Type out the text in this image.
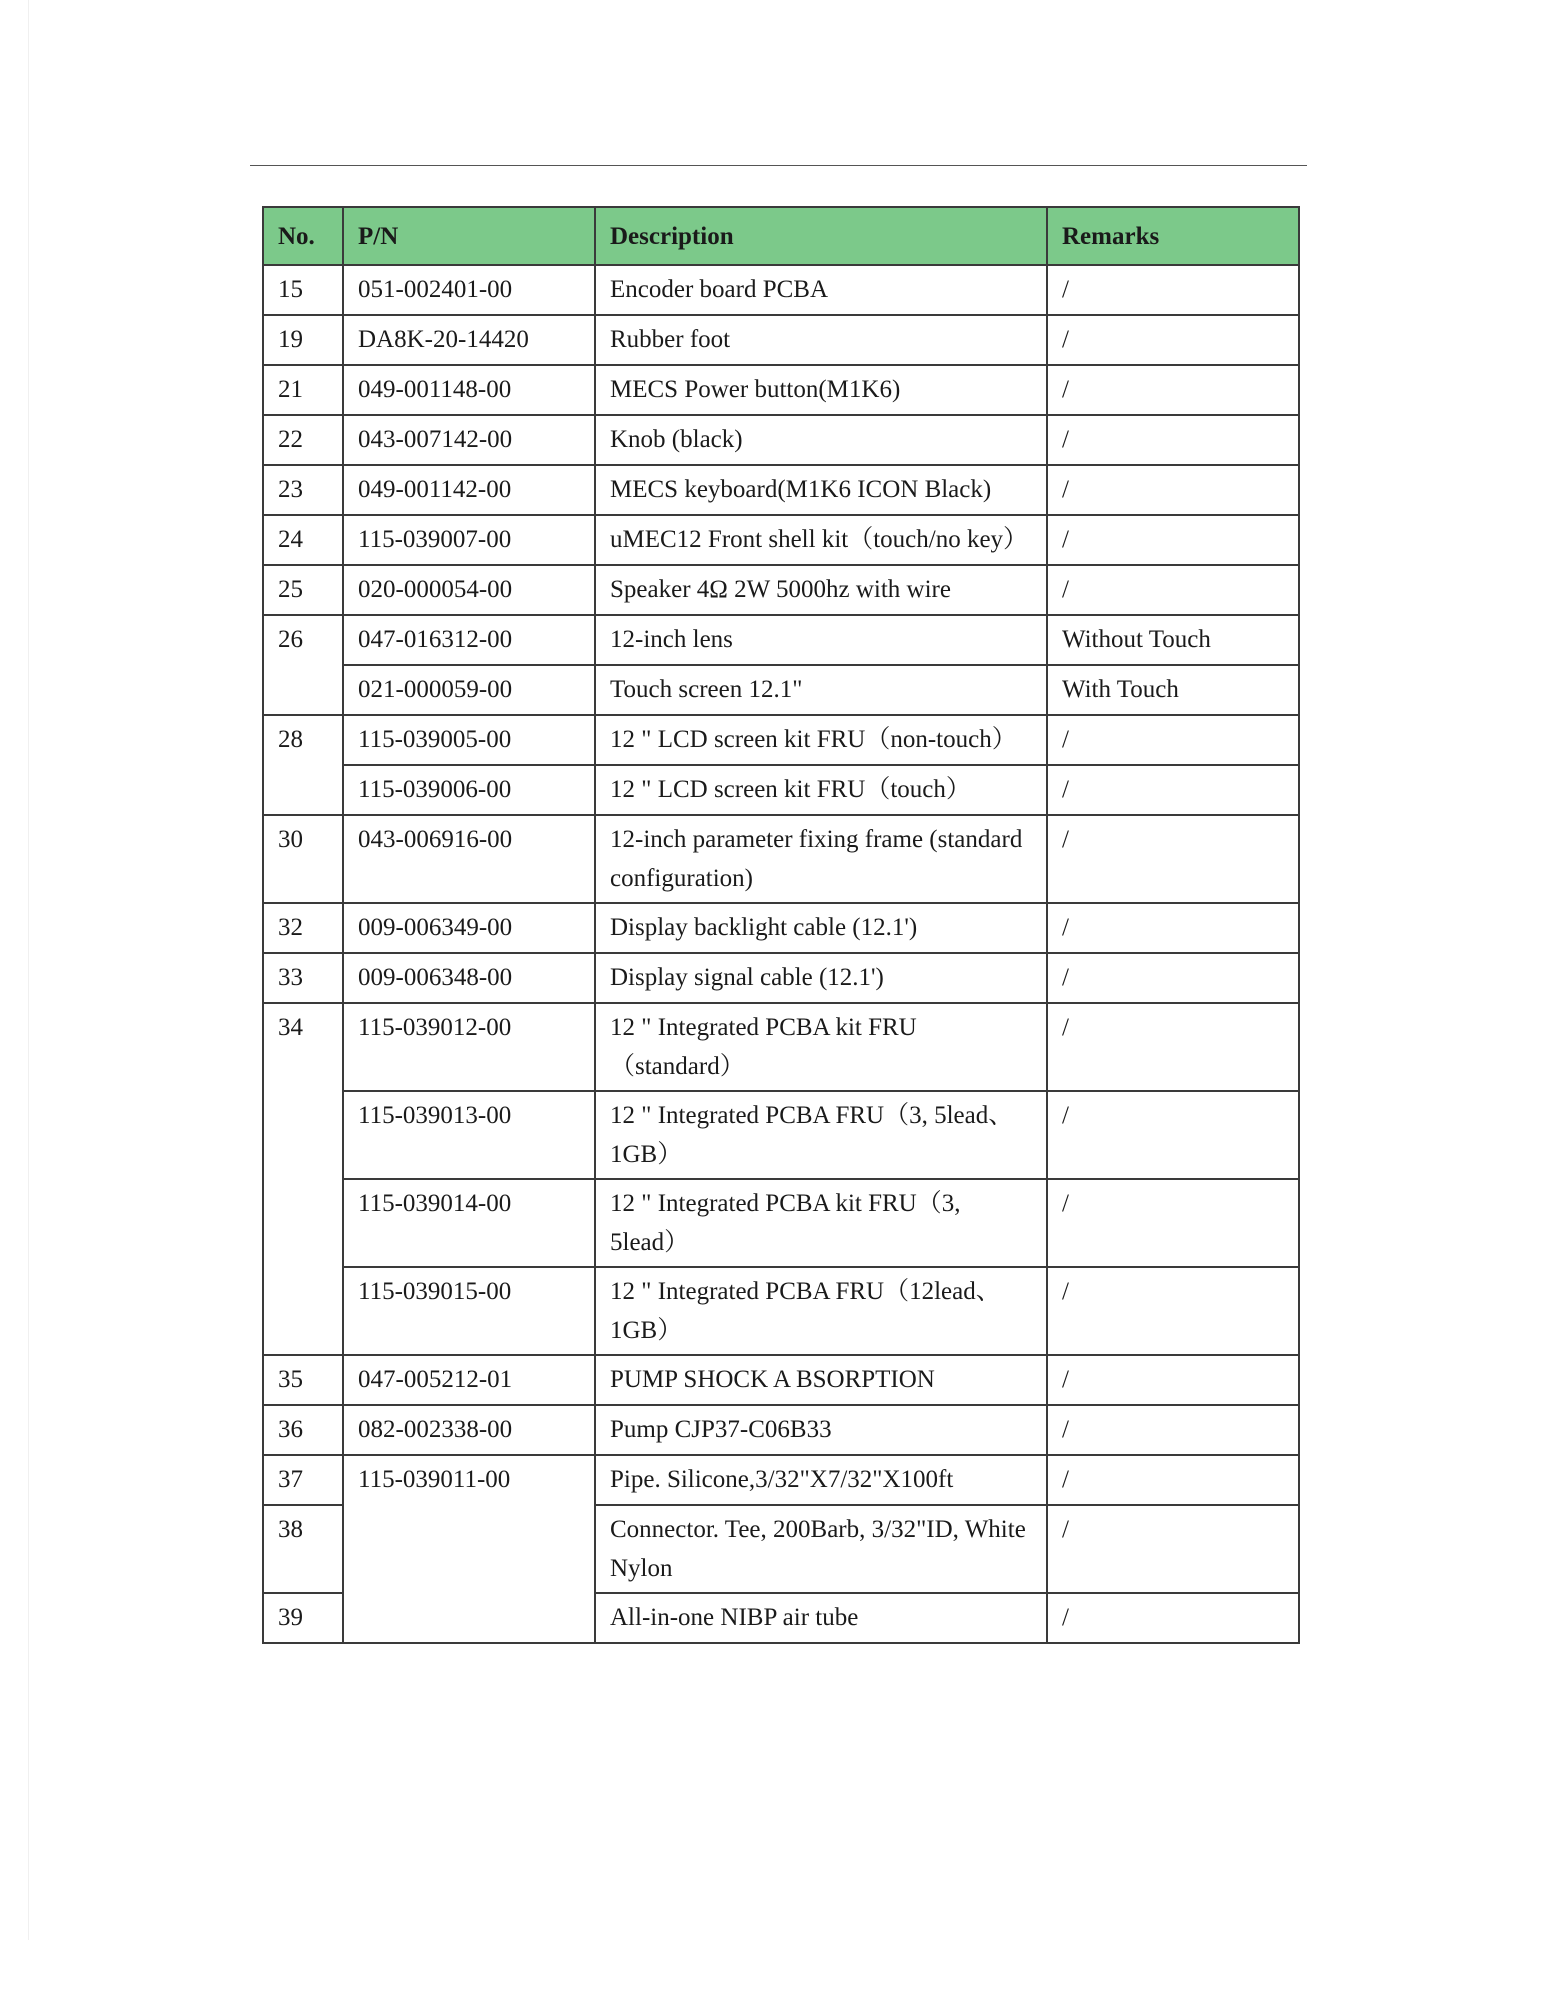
No.	P/N	Description	Remarks
15	051-002401-00	Encoder board PCBA	/
19	DA8K-20-14420	Rubber foot	/
21	049-001148-00	MECS Power button(M1K6)	/
22	043-007142-00	Knob (black)	/
23	049-001142-00	MECS keyboard(M1K6 ICON Black)	/
24	115-039007-00	uMEC12 Front shell kit（touch/no key）	/
25	020-000054-00	Speaker 4Ω 2W 5000hz with wire	/
26	047-016312-00	12-inch lens	Without Touch
	021-000059-00	Touch screen 12.1"	With Touch
28	115-039005-00	12 " LCD screen kit FRU（non-touch）	/
	115-039006-00	12 " LCD screen kit FRU（touch）	/
30	043-006916-00	12-inch parameter fixing frame (standard configuration)	/
32	009-006349-00	Display backlight cable (12.1')	/
33	009-006348-00	Display signal cable (12.1')	/
34	115-039012-00	12 " Integrated PCBA kit FRU （standard）	/
	115-039013-00	12 " Integrated PCBA FRU（3, 5lead、1GB）	/
	115-039014-00	12 " Integrated PCBA kit FRU（3, 5lead）	/
	115-039015-00	12 " Integrated PCBA FRU（12lead、1GB）	/
35	047-005212-01	PUMP SHOCK A BSORPTION	/
36	082-002338-00	Pump CJP37-C06B33	/
37	115-039011-00	Pipe. Silicone,3/32"X7/32"X100ft	/
38		Connector. Tee, 200Barb, 3/32"ID, White Nylon	/
39		All-in-one NIBP air tube	/
